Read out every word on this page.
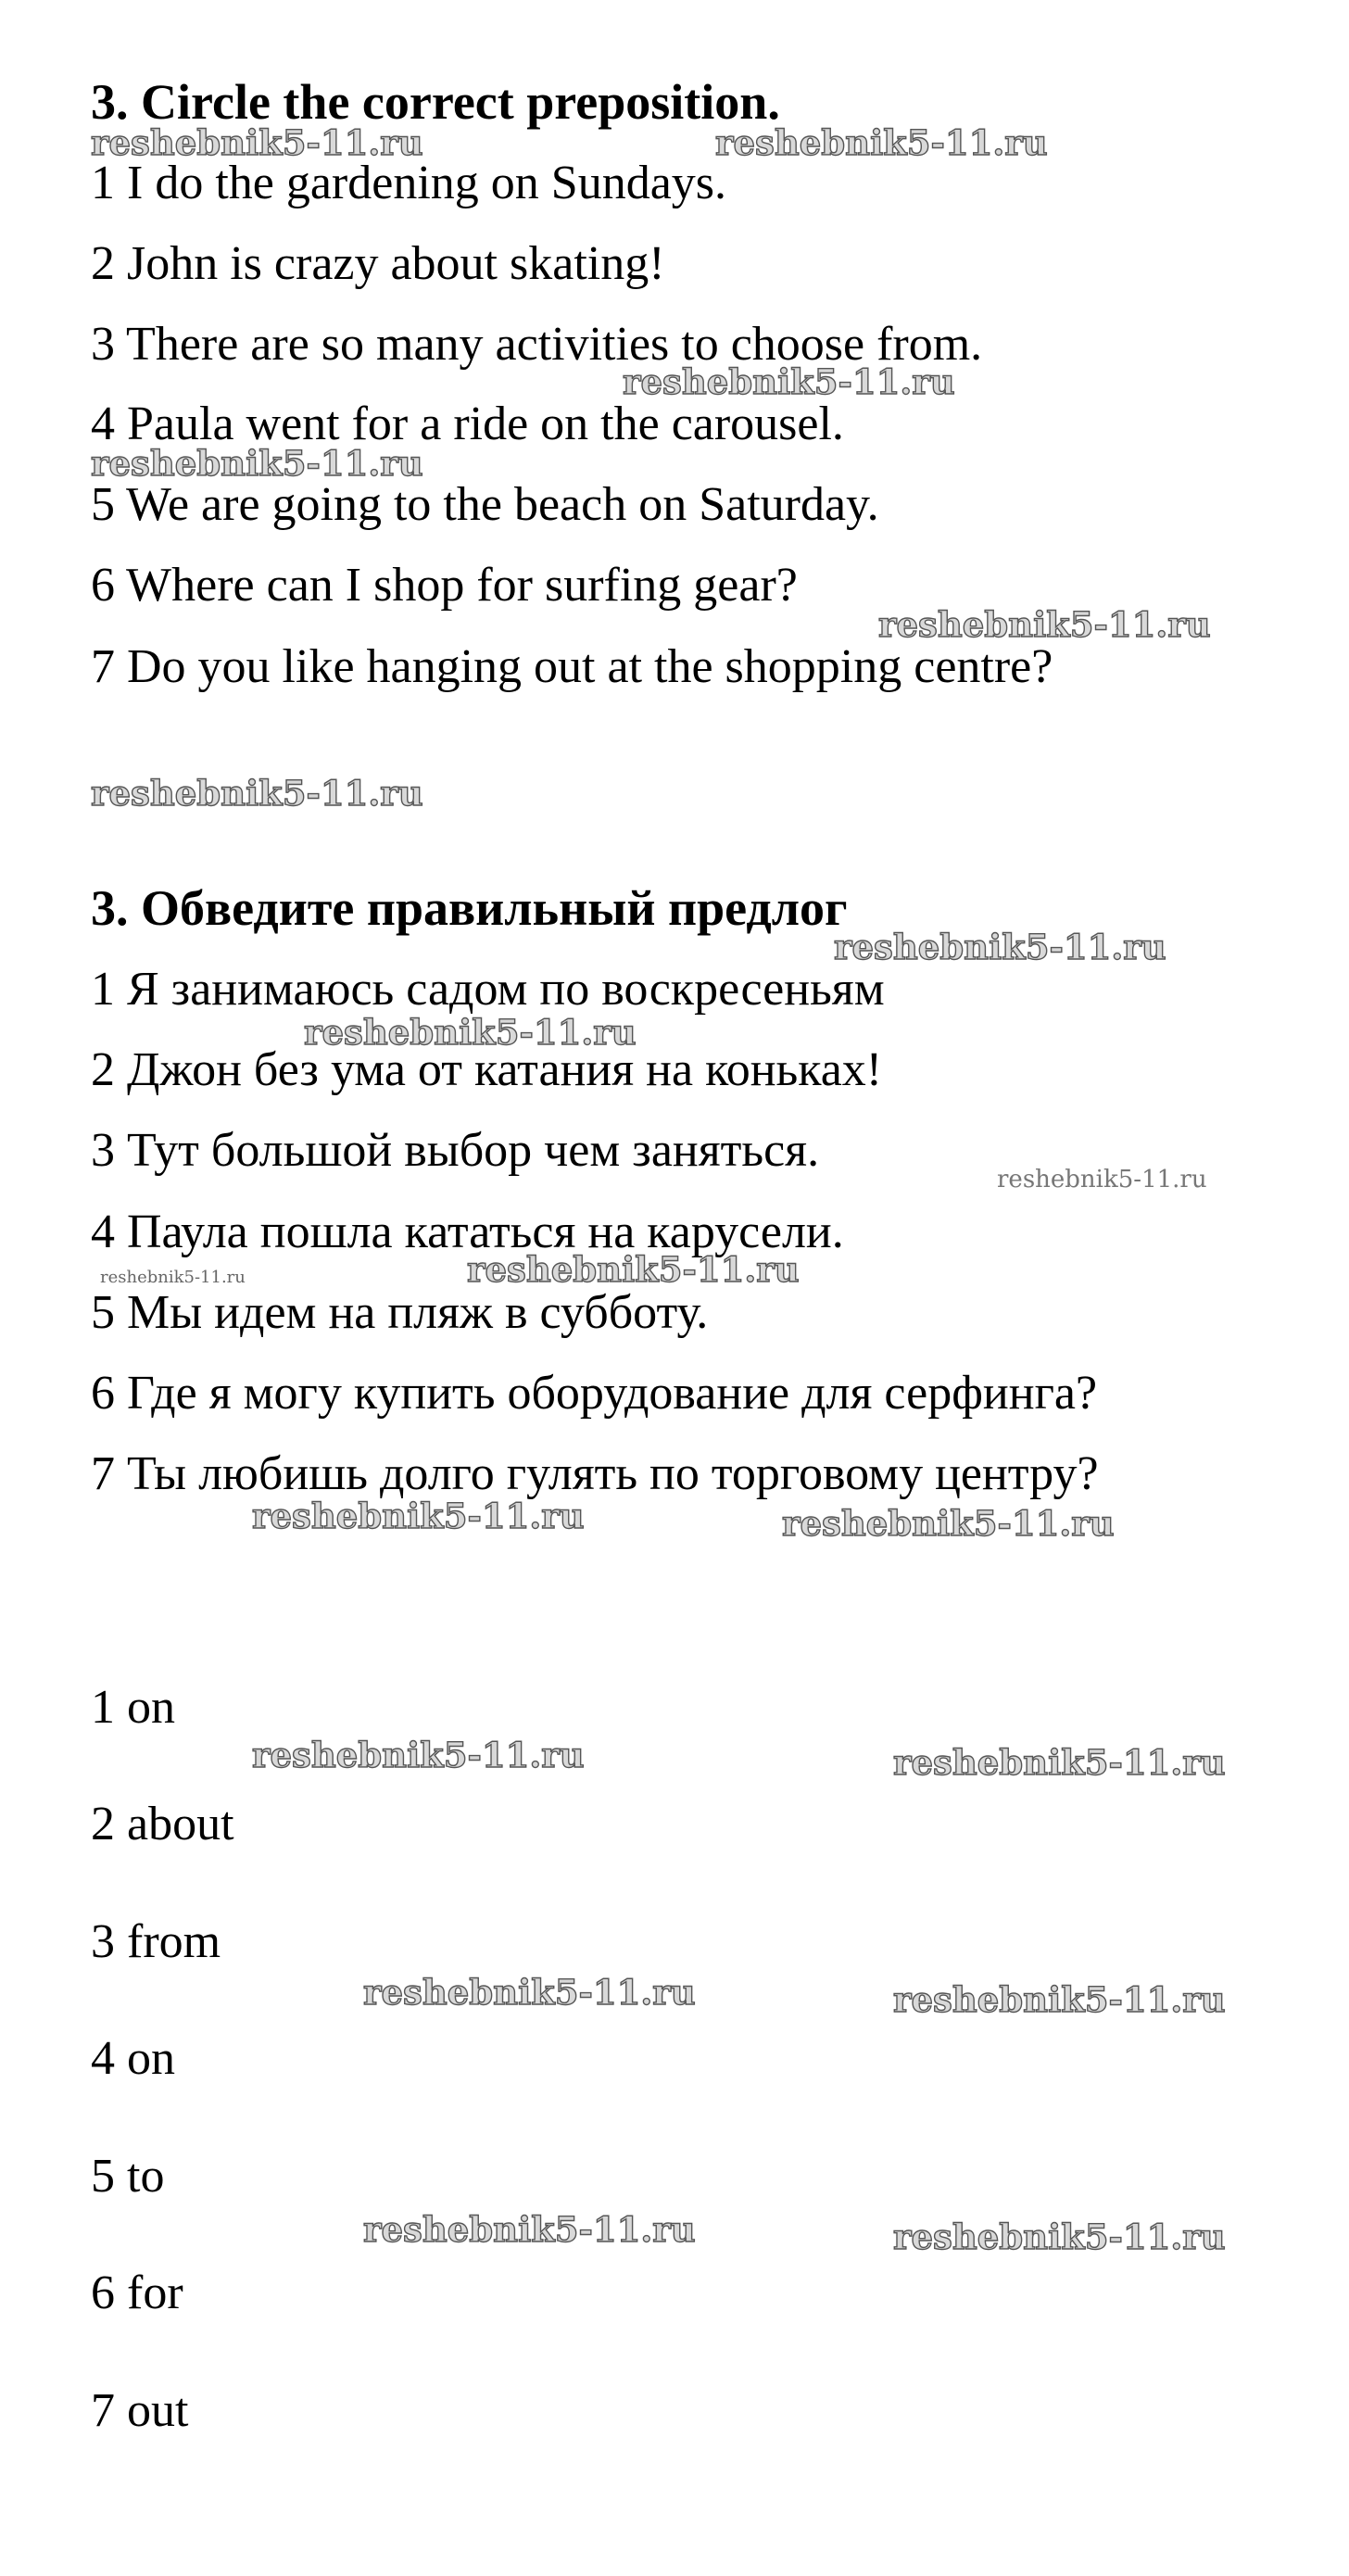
3. Circle the correct preposition.
1 I do the gardening on Sundays.
2 John is crazy about skating!
3 There are so many activities to choose from.
4 Paula went for a ride on the carousel.
5 We are going to the beach on Saturday.
6 Where can I shop for surfing gear?
7 Do you like hanging out at the shopping centre?
3. Обведите правильный предлог
1 Я занимаюсь садом по воскресеньям
2 Джон без ума от катания на коньках!
3 Тут большой выбор чем заняться.
4 Паула пошла кататься на карусели.
5 Мы идем на пляж в субботу.
6 Где я могу купить оборудование для серфинга?
7 Ты любишь долго гулять по торговому центру?
1 on
2 about
3 from
4 on
5 to
6 for
7 out
reshebnik5-11.ru	reshebnik5-11.ru
reshebnik5-11.ru
reshebnik5-11.ru
reshebnik5-11.ru
reshebnik5-11.ru
reshebnik5-11.ru
reshebnik5-11.ru
reshebnik5-11.ru
reshebnik5-11.ru	reshebnik5-11.ru
reshebnik5-11.ru	reshebnik5-11.ru
reshebnik5-11.ru	reshebnik5-11.ru
reshebnik5-11.ru	reshebnik5-11.ru
reshebnik5-11.ru	reshebnik5-11.ru
